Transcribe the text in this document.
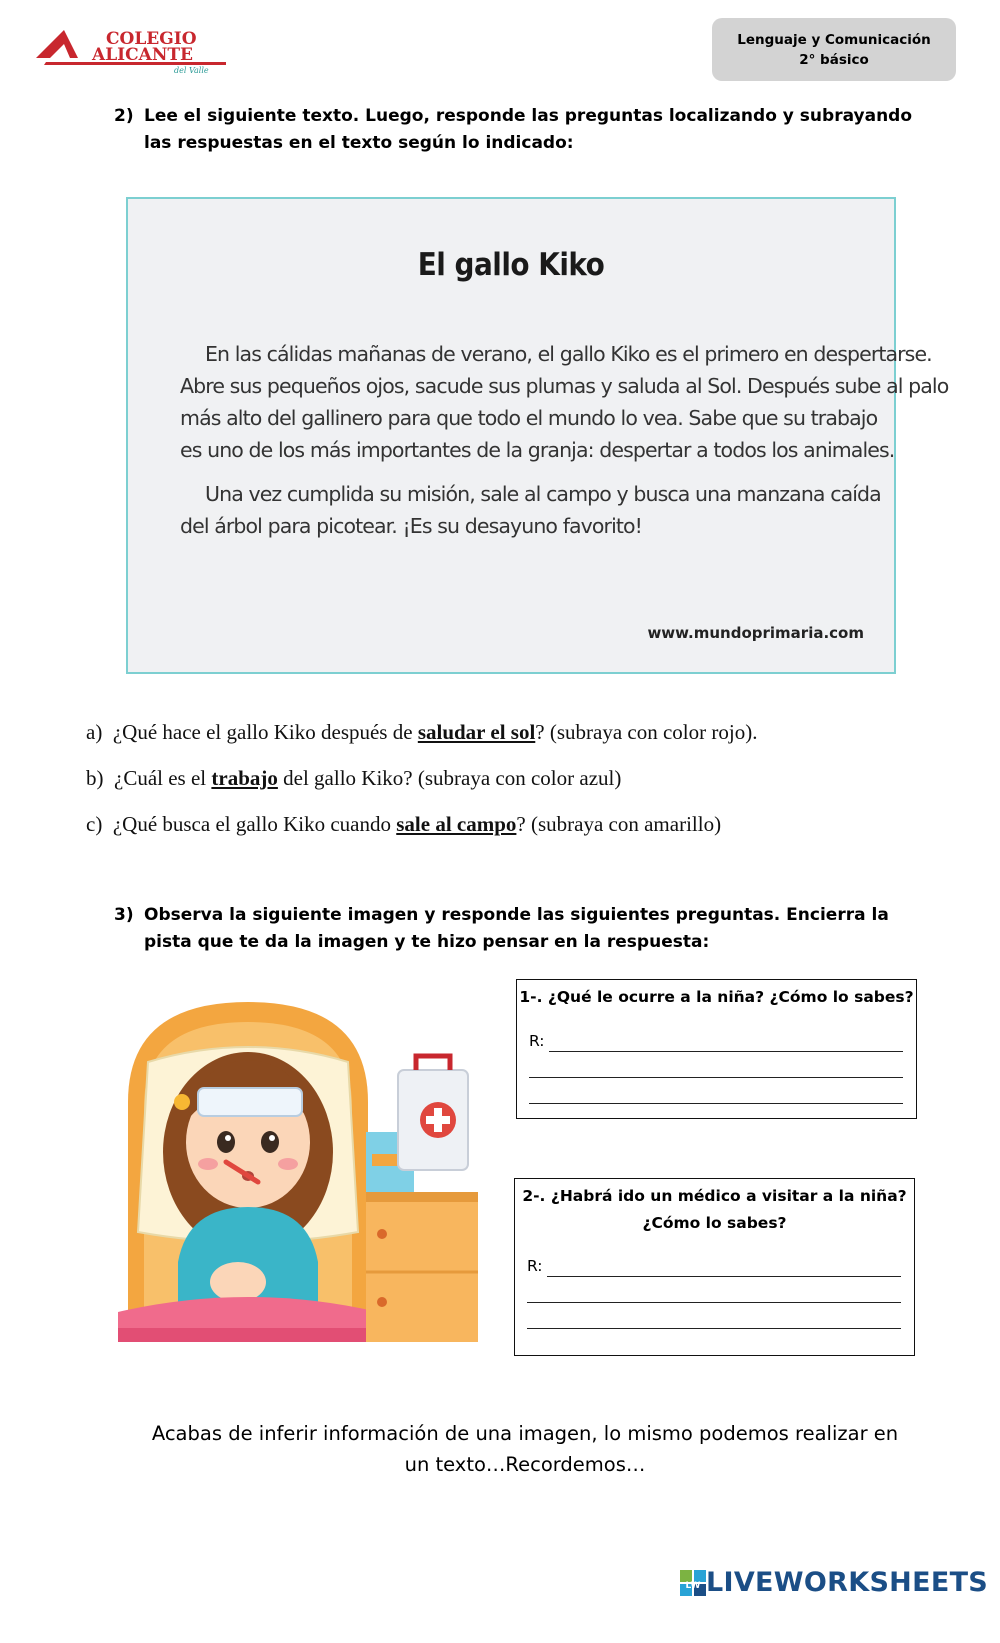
COLEGIO
ALICANTE
del Valle
Lenguaje y Comunicación
2° básico
2) Lee el siguiente texto. Luego, responde las preguntas localizando y subrayando las respuestas en el texto según lo indicado:
El gallo Kiko
En las cálidas mañanas de verano, el gallo Kiko es el primero en despertarse.
Abre sus pequeños ojos, sacude sus plumas y saluda al Sol. Después sube al palo
más alto del gallinero para que todo el mundo lo vea. Sabe que su trabajo
es uno de los más importantes de la granja: despertar a todos los animales.
Una vez cumplida su misión, sale al campo y busca una manzana caída
del árbol para picotear. ¡Es su desayuno favorito!
www.mundoprimaria.com
a) ¿Qué hace el gallo Kiko después de saludar el sol? (subraya con color rojo).
b) ¿Cuál es el trabajo del gallo Kiko? (subraya con color azul)
c) ¿Qué busca el gallo Kiko cuando sale al campo? (subraya con amarillo)
3) Observa la siguiente imagen y responde las siguientes preguntas. Encierra la pista que te da la imagen y te hizo pensar en la respuesta:
1-. ¿Qué le ocurre a la niña? ¿Cómo lo sabes?
R:
2-. ¿Habrá ido un médico a visitar a la niña?
¿Cómo lo sabes?
R:
Acabas de inferir información de una imagen, lo mismo podemos realizar en
un texto…Recordemos…
LW LIVEWORKSHEETS
